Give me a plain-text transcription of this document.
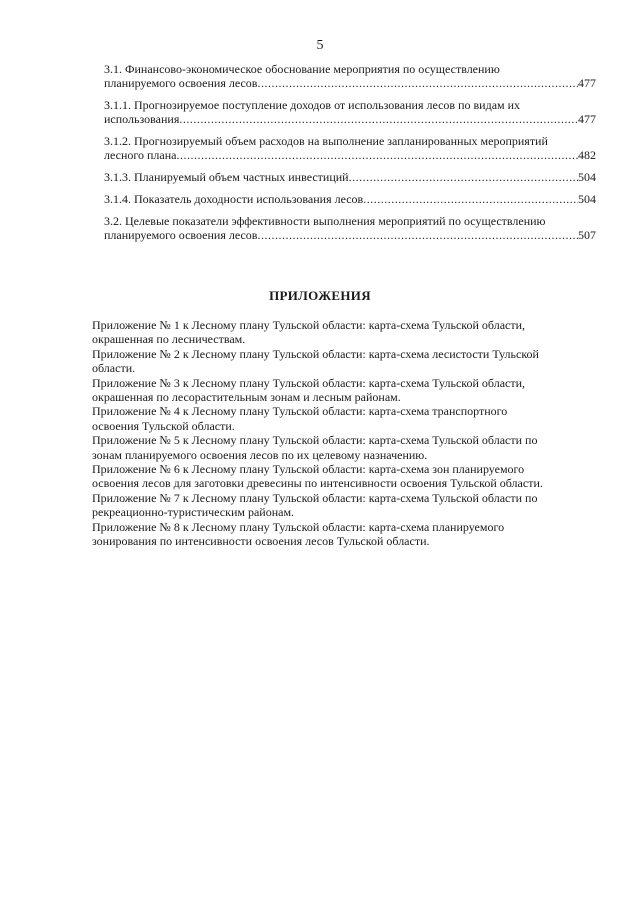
5
3.1. Финансово-экономическое обоснование мероприятия по осуществлению
планируемого освоения лесов .....	477
3.1.1. Прогнозируемое поступление доходов от использования лесов по видам их
использования .....	477
3.1.2. Прогнозируемый объем расходов на выполнение запланированных мероприятий
лесного плана .....	482
3.1.3. Планируемый объем частных инвестиций .....	504
3.1.4. Показатель доходности использования лесов .....	504
3.2. Целевые показатели эффективности выполнения мероприятий по осуществлению
планируемого освоения лесов .....	507
ПРИЛОЖЕНИЯ
Приложение № 1 к Лесному плану Тульской области: карта-схема Тульской области,
окрашенная по лесничествам.
Приложение № 2 к Лесному плану Тульской области: карта-схема лесистости Тульской
области.
Приложение № 3 к Лесному плану Тульской области: карта-схема Тульской области,
окрашенная по лесорастительным зонам и лесным районам.
Приложение № 4 к Лесному плану Тульской области: карта-схема транспортного
освоения Тульской области.
Приложение № 5 к Лесному плану Тульской области: карта-схема Тульской области по
зонам планируемого освоения лесов по их целевому назначению.
Приложение № 6 к Лесному плану Тульской области: карта-схема зон планируемого
освоения лесов для заготовки древесины по интенсивности освоения Тульской области.
Приложение № 7 к Лесному плану Тульской области: карта-схема Тульской области по
рекреационно-туристическим районам.
Приложение № 8 к Лесному плану Тульской области: карта-схема планируемого
зонирования по интенсивности освоения лесов Тульской области.
